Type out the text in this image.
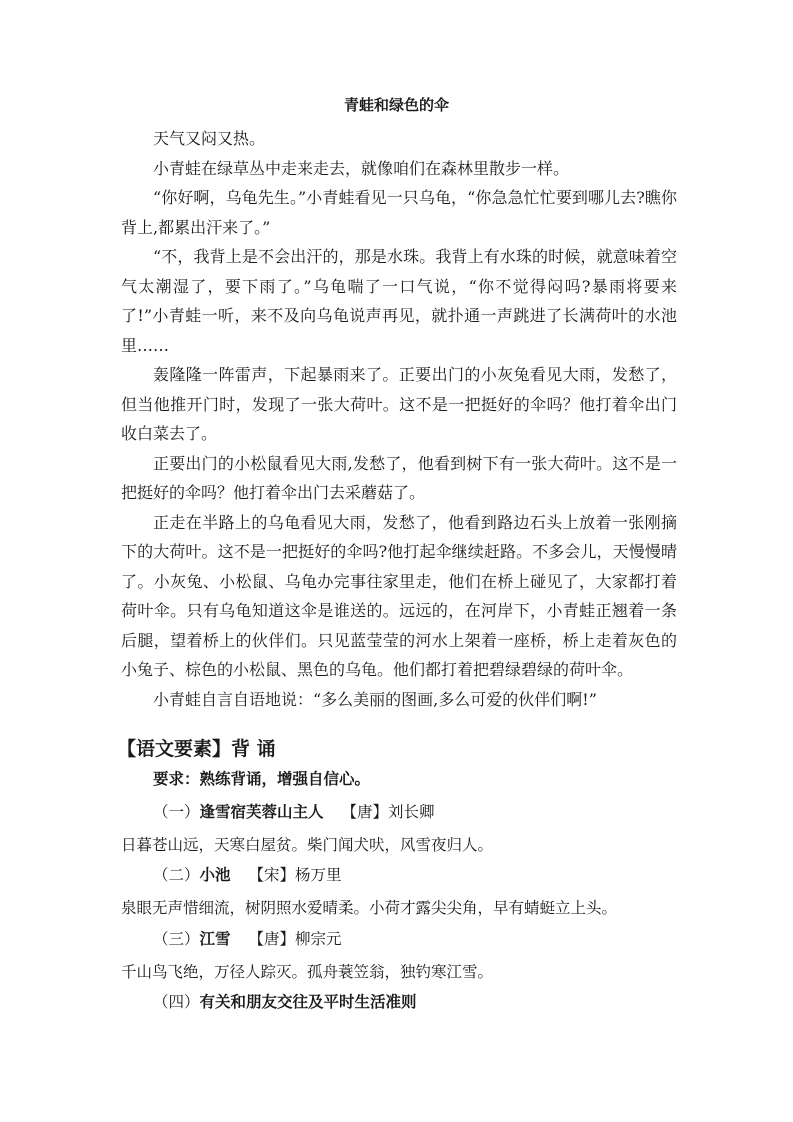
青蛙和绿色的伞

天气又闷又热。

小青蛙在绿草丛中走来走去，就像咱们在森林里散步一样。

“你好啊，乌龟先生。”小青蛙看见一只乌龟，“你急急忙忙要到哪儿去?瞧你背上,都累出汗来了。”

“不，我背上是不会出汗的，那是水珠。我背上有水珠的时候，就意味着空气太潮湿了，要下雨了。”乌龟喘了一口气说，“你不觉得闷吗?暴雨将要来了!”小青蛙一听，来不及向乌龟说声再见，就扑通一声跳进了长满荷叶的水池里……

轰隆隆一阵雷声，下起暴雨来了。正要出门的小灰兔看见大雨，发愁了，但当他推开门时，发现了一张大荷叶。这不是一把挺好的伞吗？他打着伞出门收白菜去了。

正要出门的小松鼠看见大雨,发愁了，他看到树下有一张大荷叶。这不是一把挺好的伞吗？他打着伞出门去采蘑菇了。

正走在半路上的乌龟看见大雨，发愁了，他看到路边石头上放着一张刚摘下的大荷叶。这不是一把挺好的伞吗?他打起伞继续赶路。不多会儿，天慢慢晴了。小灰兔、小松鼠、乌龟办完事往家里走，他们在桥上碰见了，大家都打着荷叶伞。只有乌龟知道这伞是谁送的。远远的，在河岸下，小青蛙正翘着一条后腿，望着桥上的伙伴们。只见蓝莹莹的河水上架着一座桥，桥上走着灰色的小兔子、棕色的小松鼠、黑色的乌龟。他们都打着把碧绿碧绿的荷叶伞。

小青蛙自言自语地说：“多么美丽的图画,多么可爱的伙伴们啊!”

【语文要素】背 诵
要求：熟练背诵，增强自信心。
（一）逢雪宿芙蓉山主人 【唐】刘长卿
日暮苍山远，天寒白屋贫。柴门闻犬吠，风雪夜归人。
（二）小池 【宋】杨万里
泉眼无声惜细流，树阴照水爱晴柔。小荷才露尖尖角，早有蜻蜓立上头。
（三）江雪 【唐】柳宗元
千山鸟飞绝，万径人踪灭。孤舟蓑笠翁，独钓寒江雪。
（四）有关和朋友交往及平时生活准则
